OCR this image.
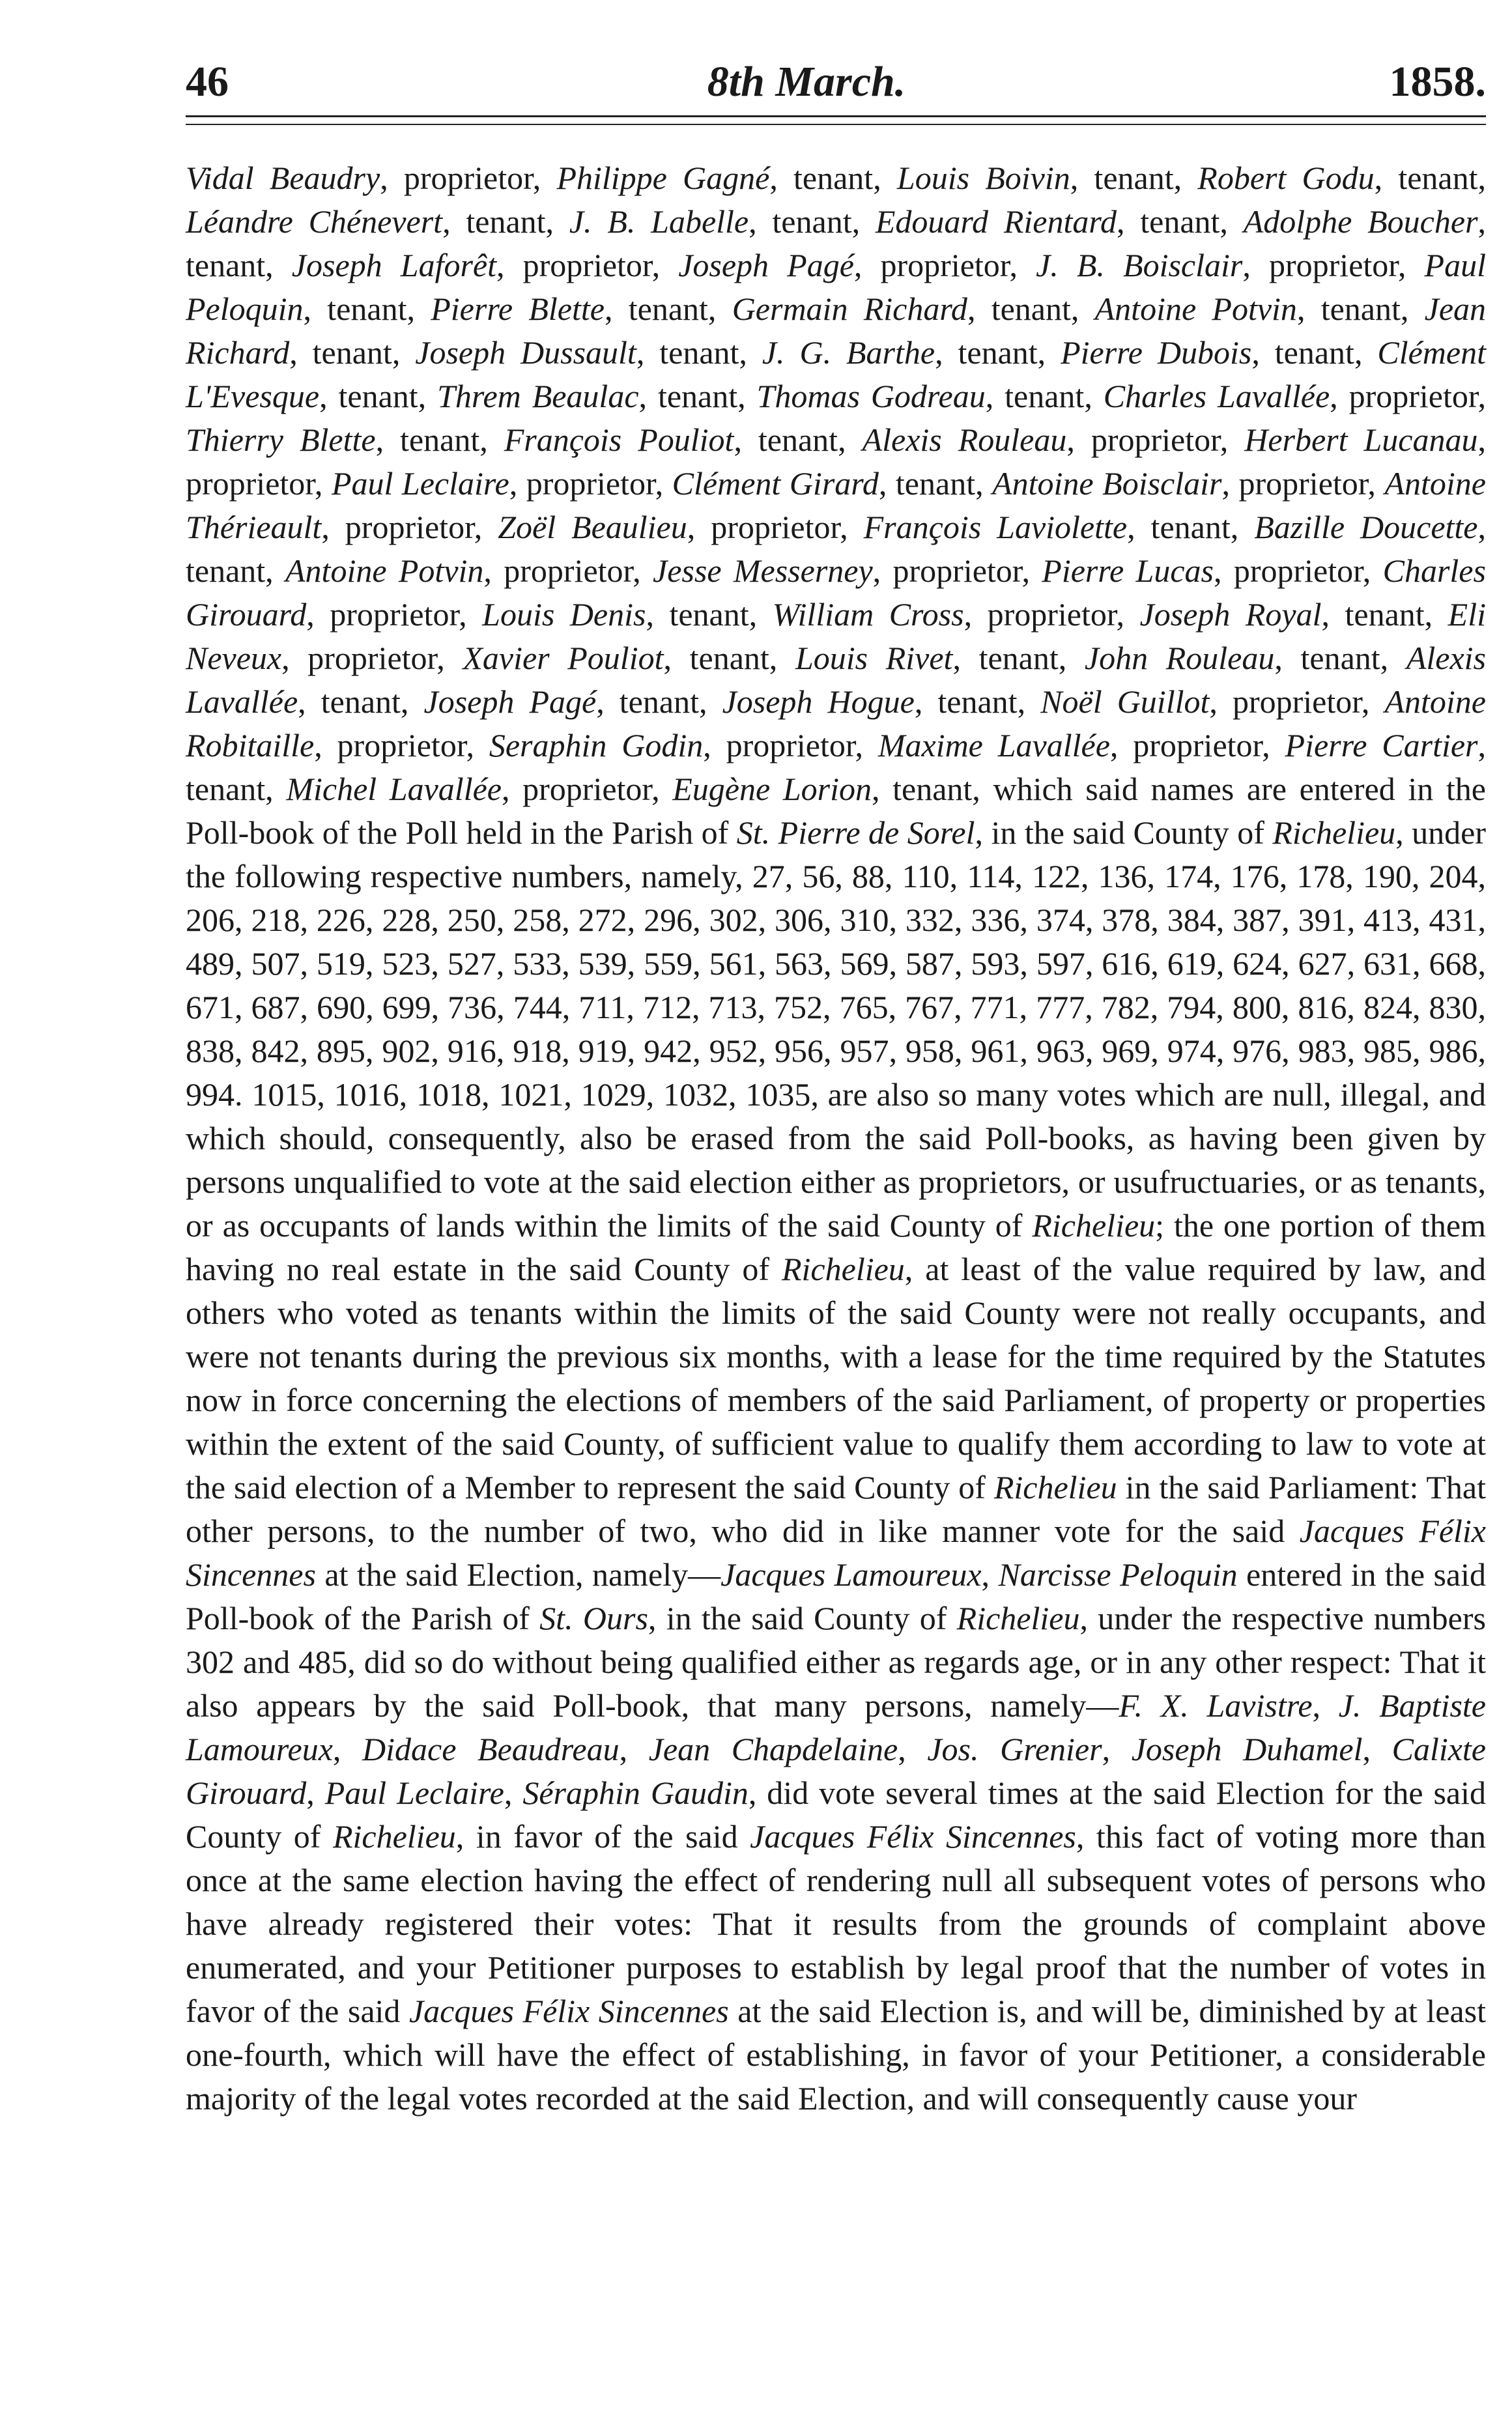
46	8th March.	1858.

Vidal Beaudry, proprietor, Philippe Gagné, tenant, Louis Boivin, tenant, Robert Godu, tenant, Léandre Chénevert, tenant, J. B. Labelle, tenant, Edouard Rientard, tenant, Adolphe Boucher, tenant, Joseph Laforêt, proprietor, Joseph Pagé, proprietor, J. B. Boisclair, proprietor, Paul Peloquin, tenant, Pierre Blette, tenant, Germain Richard, tenant, Antoine Potvin, tenant, Jean Richard, tenant, Joseph Dussault, tenant, J. G. Barthe, tenant, Pierre Dubois, tenant, Clément L'Evesque, tenant, Threm Beaulac, tenant, Thomas Godreau, tenant, Charles Lavallée, proprietor, Thierry Blette, tenant, François Pouliot, tenant, Alexis Rouleau, proprietor, Herbert Lucanau, proprietor, Paul Leclaire, proprietor, Clément Girard, tenant, Antoine Boisclair, proprietor, Antoine Thérieault, proprietor, Zoël Beaulieu, proprietor, François Laviolette, tenant, Bazille Doucette, tenant, Antoine Potvin, proprietor, Jesse Messerney, proprietor, Pierre Lucas, proprietor, Charles Girouard, proprietor, Louis Denis, tenant, William Cross, proprietor, Joseph Royal, tenant, Eli Neveux, proprietor, Xavier Pouliot, tenant, Louis Rivet, tenant, John Rouleau, tenant, Alexis Lavallée, tenant, Joseph Pagé, tenant, Joseph Hogue, tenant, Noël Guillot, proprietor, Antoine Robitaille, proprietor, Seraphin Godin, proprietor, Maxime Lavallée, proprietor, Pierre Cartier, tenant, Michel Lavallée, proprietor, Eugène Lorion, tenant, which said names are entered in the Poll-book of the Poll held in the Parish of St. Pierre de Sorel, in the said County of Richelieu, under the following respective numbers, namely, 27, 56, 88, 110, 114, 122, 136, 174, 176, 178, 190, 204, 206, 218, 226, 228, 250, 258, 272, 296, 302, 306, 310, 332, 336, 374, 378, 384, 387, 391, 413, 431, 489, 507, 519, 523, 527, 533, 539, 559, 561, 563, 569, 587, 593, 597, 616, 619, 624, 627, 631, 668, 671, 687, 690, 699, 736, 744, 711, 712, 713, 752, 765, 767, 771, 777, 782, 794, 800, 816, 824, 830, 838, 842, 895, 902, 916, 918, 919, 942, 952, 956, 957, 958, 961, 963, 969, 974, 976, 983, 985, 986, 994. 1015, 1016, 1018, 1021, 1029, 1032, 1035, are also so many votes which are null, illegal, and which should, consequently, also be erased from the said Poll-books, as having been given by persons unqualified to vote at the said election either as proprietors, or usufructuaries, or as tenants, or as occupants of lands within the limits of the said County of Richelieu; the one portion of them having no real estate in the said County of Richelieu, at least of the value required by law, and others who voted as tenants within the limits of the said County were not really occupants, and were not tenants during the previous six months, with a lease for the time required by the Statutes now in force concerning the elections of members of the said Parliament, of property or properties within the extent of the said County, of sufficient value to qualify them according to law to vote at the said election of a Member to represent the said County of Richelieu in the said Parliament: That other persons, to the number of two, who did in like manner vote for the said Jacques Félix Sincennes at the said Election, namely—Jacques Lamoureux, Narcisse Peloquin entered in the said Poll-book of the Parish of St. Ours, in the said County of Richelieu, under the respective numbers 302 and 485, did so do without being qualified either as regards age, or in any other respect: That it also appears by the said Poll-book, that many persons, namely—F. X. Lavistre, J. Baptiste Lamoureux, Didace Beaudreau, Jean Chapdelaine, Jos. Grenier, Joseph Duhamel, Calixte Girouard, Paul Leclaire, Séraphin Gaudin, did vote several times at the said Election for the said County of Richelieu, in favor of the said Jacques Félix Sincennes, this fact of voting more than once at the same election having the effect of rendering null all subsequent votes of persons who have already registered their votes: That it results from the grounds of complaint above enumerated, and your Petitioner purposes to establish by legal proof that the number of votes in favor of the said Jacques Félix Sincennes at the said Election is, and will be, diminished by at least one-fourth, which will have the effect of establishing, in favor of your Petitioner, a considerable majority of the legal votes recorded at the said Election, and will consequently cause your
